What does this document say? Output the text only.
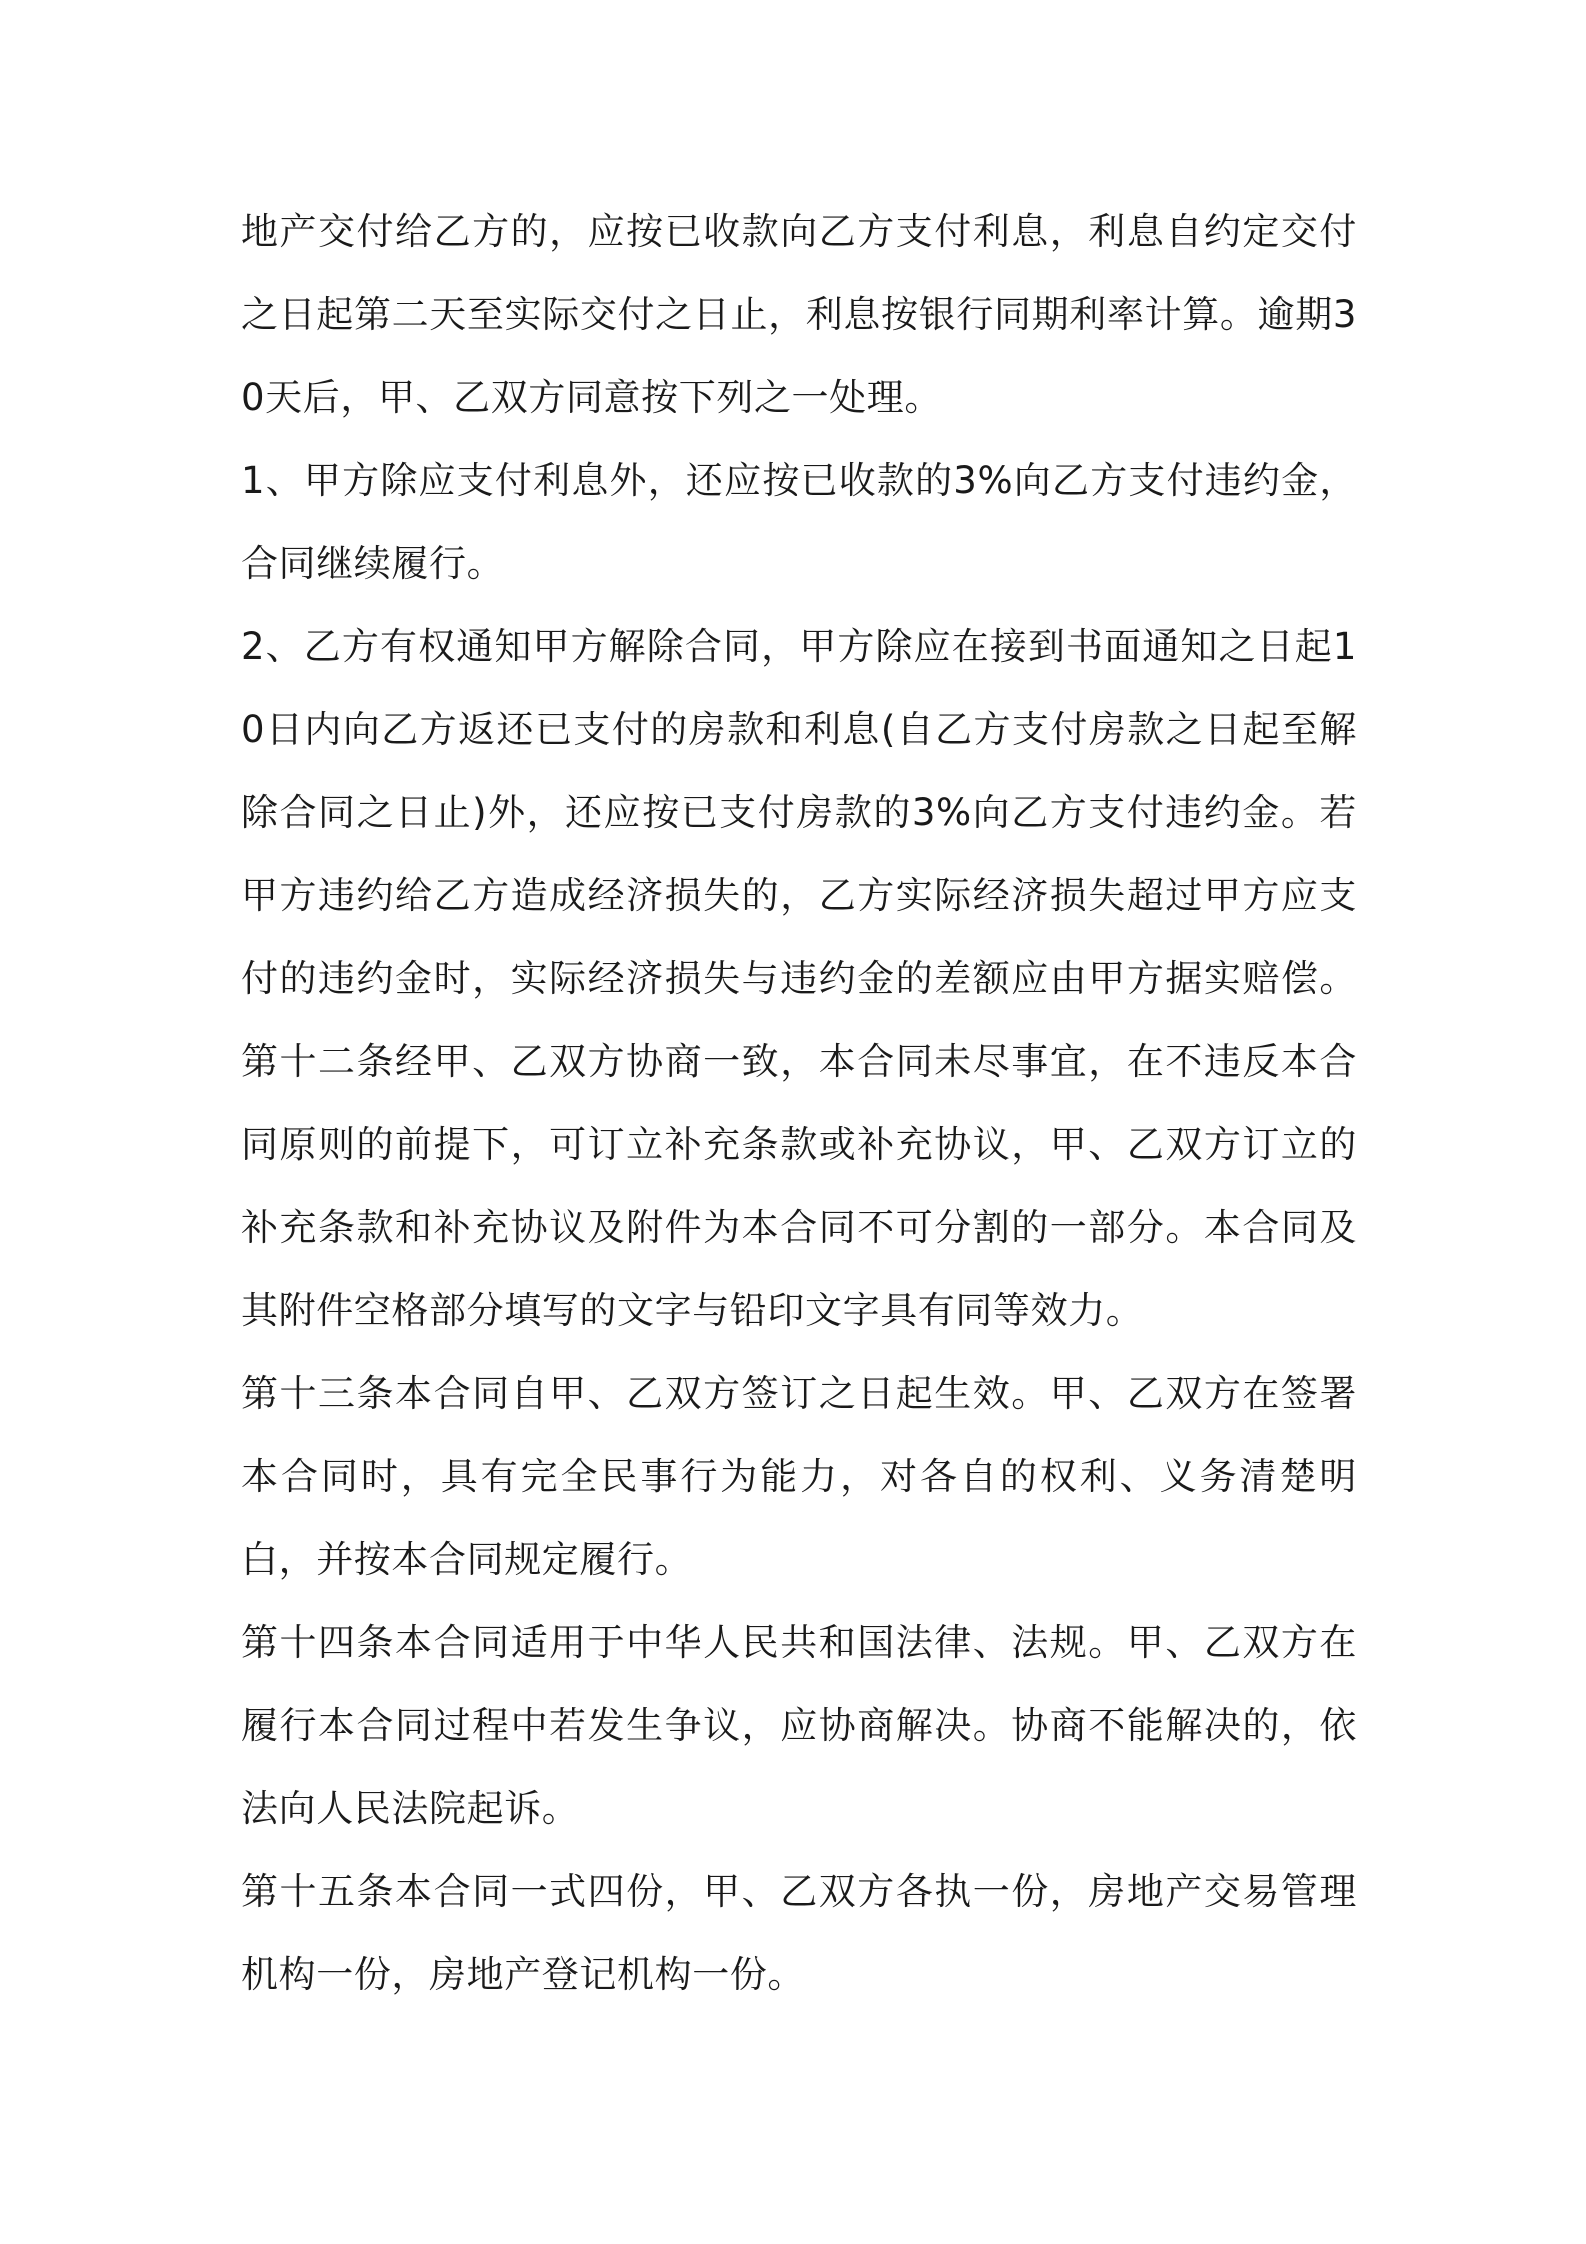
地产交付给乙方的，应按已收款向乙方支付利息，利息自约定交付之日起第二天至实际交付之日止，利息按银行同期利率计算。逾期30天后，甲、乙双方同意按下列之一处理。

1、甲方除应支付利息外，还应按已收款的3%向乙方支付违约金，合同继续履行。

2、乙方有权通知甲方解除合同，甲方除应在接到书面通知之日起10日内向乙方返还已支付的房款和利息(自乙方支付房款之日起至解除合同之日止)外，还应按已支付房款的3%向乙方支付违约金。若甲方违约给乙方造成经济损失的，乙方实际经济损失超过甲方应支付的违约金时，实际经济损失与违约金的差额应由甲方据实赔偿。第十二条经甲、乙双方协商一致，本合同未尽事宜，在不违反本合同原则的前提下，可订立补充条款或补充协议，甲、乙双方订立的补充条款和补充协议及附件为本合同不可分割的一部分。本合同及其附件空格部分填写的文字与铅印文字具有同等效力。

第十三条本合同自甲、乙双方签订之日起生效。甲、乙双方在签署本合同时，具有完全民事行为能力，对各自的权利、义务清楚明白，并按本合同规定履行。

第十四条本合同适用于中华人民共和国法律、法规。甲、乙双方在履行本合同过程中若发生争议，应协商解决。协商不能解决的，依法向人民法院起诉。

第十五条本合同一式四份，甲、乙双方各执一份，房地产交易管理机构一份，房地产登记机构一份。
